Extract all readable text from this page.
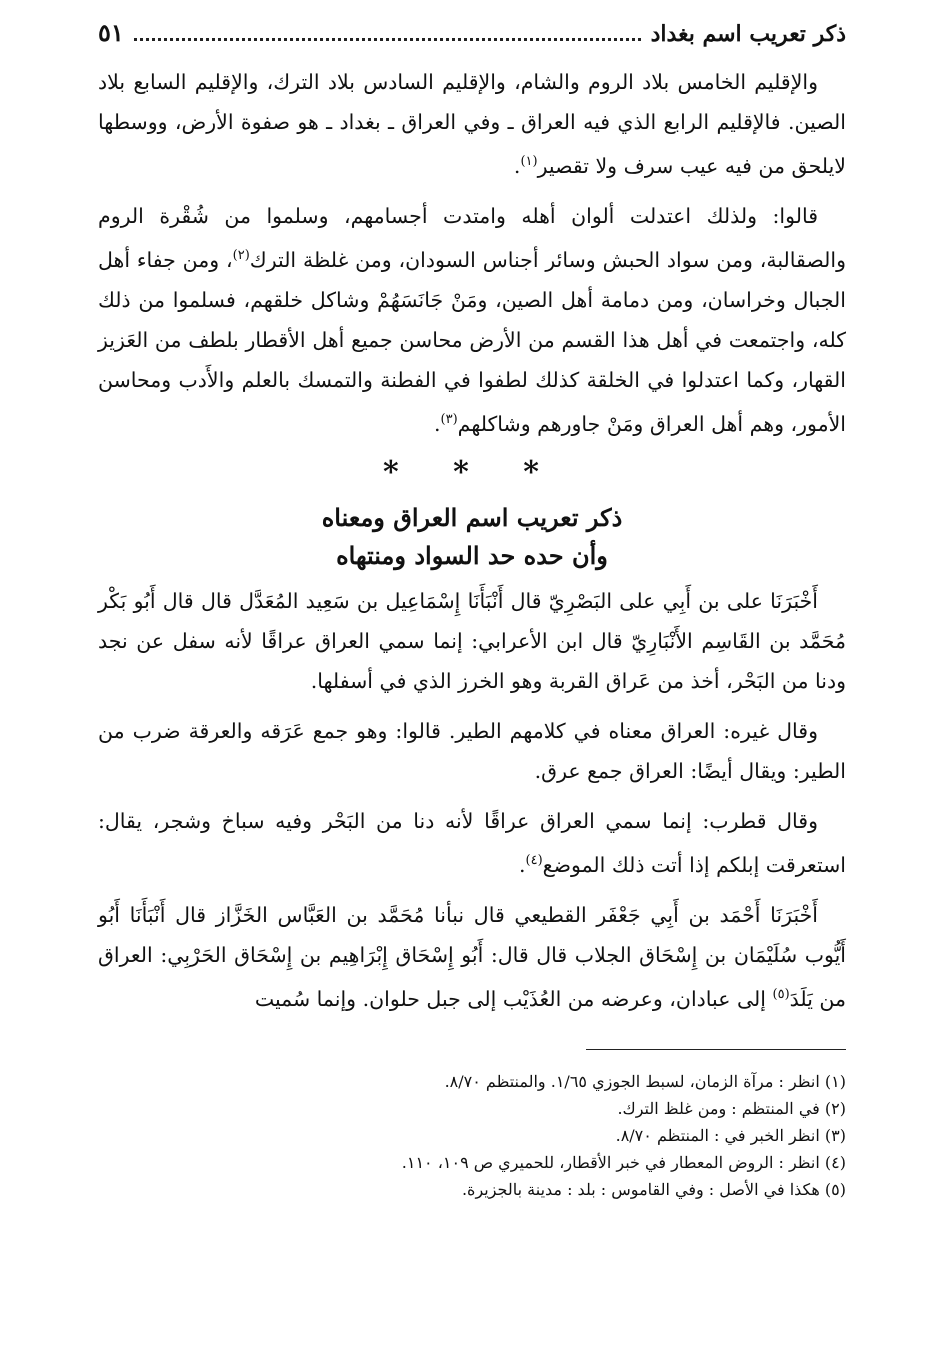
ذكر تعريب اسم بغداد
٥١

والإقليم الخامس بلاد الروم والشام، والإقليم السادس بلاد الترك، والإقليم السابع بلاد الصين. فالإقليم الرابع الذي فيه العراق ـ وفي العراق ـ بغداد ـ هو صفوة الأرض، ووسطها لايلحق من فيه عيب سرف ولا تقصير$^{(١)}$.

قالوا: ولذلك اعتدلت ألوان أهله وامتدت أجسامهم، وسلموا من شُقْرة الروم والصقالبة، ومن سواد الحبش وسائر أجناس السودان، ومن غلظة الترك$^{(٢)}$، ومن جفاء أهل الجبال وخراسان، ومن دمامة أهل الصين، ومَنْ جَانَسَهُمْ وشاكل خلقهم، فسلموا من ذلك كله، واجتمعت في أهل هذا القسم من الأرض محاسن جميع أهل الأقطار بلطف من العَزيز القهار، وكما اعتدلوا في الخلقة كذلك لطفوا في الفطنة والتمسك بالعلم والأَدب ومحاسن الأمور، وهم أهل العراق ومَنْ جاورهم وشاكلهم$^{(٣)}$.

* * *
ذكر تعريب اسم العراق ومعناه
وأن حده حد السواد ومنتهاه

أَخْبَرَنَا على بن أَبِي على البَصْرِيّ قال أَنْبَأَنَا إِسْمَاعِيل بن سَعِيد المُعَدَّل قال قال أَبُو بَكْر مُحَمَّد بن القَاسِم الأَنْبَارِيّ قال ابن الأعرابي: إنما سمي العراق عراقًا لأنه سفل عن نجد ودنا من البَحْر، أخذ من عَراق القربة وهو الخرز الذي في أسفلها.

وقال غيره: العراق معناه في كلامهم الطير. قالوا: وهو جمع عَرَقه والعرقة ضرب من الطير: ويقال أيضًا: العراق جمع عرق.

وقال قطرب: إنما سمي العراق عراقًا لأنه دنا من البَحْر وفيه سباخ وشجر، يقال: استعرقت إبلكم إذا أتت ذلك الموضع$^{(٤)}$.

أَخْبَرَنَا أَحْمَد بن أَبِي جَعْفَر القطيعي قال نبأنا مُحَمَّد بن العَبَّاس الخَزَّاز قال أَنْبَأَنَا أَبُو أَيُّوب سُلَيْمَان بن إِسْحَاق الجلاب قال قال: أَبُو إِسْحَاق إِبْرَاهِيم بن إِسْحَاق الحَرْبِي: العراق من يَلَدَ$^{(٥)}$ إلى عبادان، وعرضه من العُذَيْب إلى جبل حلوان. وإنما سُميت

(١) انظر : مرآة الزمان، لسبط الجوزي ١/٦٥. والمنتظم ٨/٧٠.

(٢) في المنتظم : ومن غلظ الترك.

(٣) انظر الخبر في : المنتظم ٨/٧٠.

(٤) انظر : الروض المعطار في خبر الأقطار، للحميري ص ١٠٩، ١١٠.

(٥) هكذا في الأصل : وفي القاموس : بلد : مدينة بالجزيرة.
